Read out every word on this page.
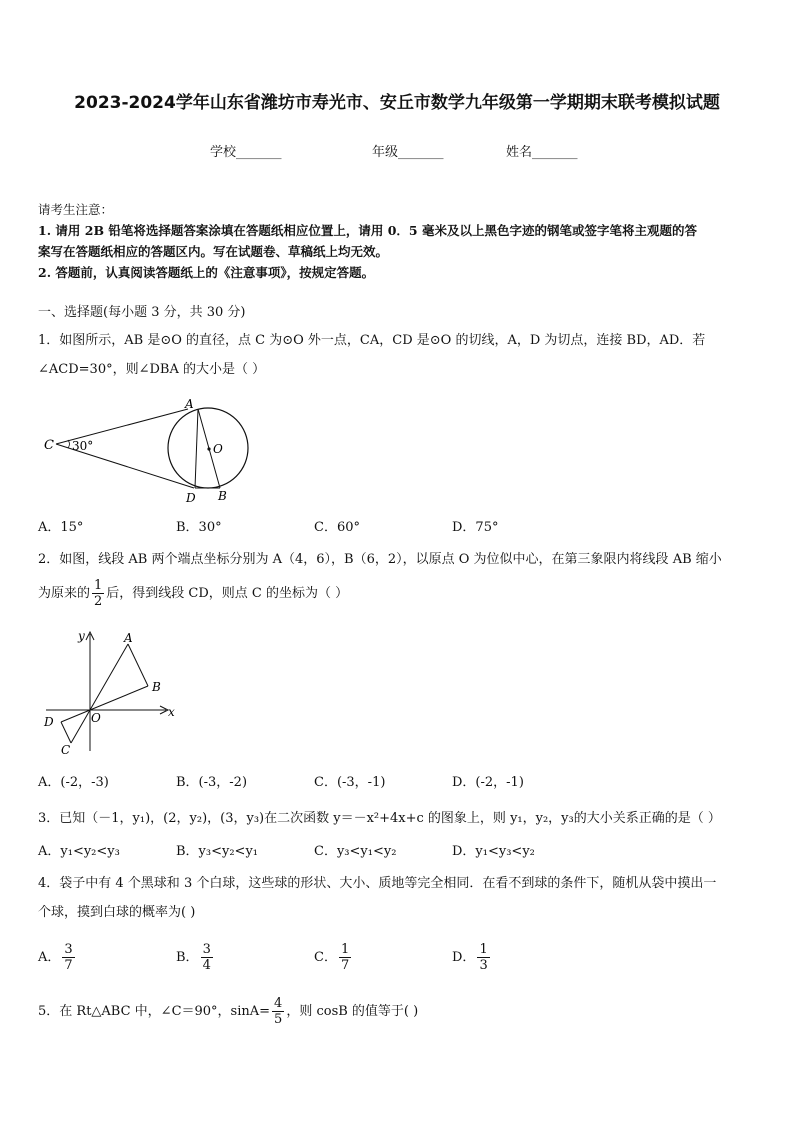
2023-2024学年山东省潍坊市寿光市、安丘市数学九年级第一学期期末联考模拟试题
学校_______	年级_______	姓名_______
请考生注意：
1. 请用 2B 铅笔将选择题答案涂填在答题纸相应位置上，请用 0．5 毫米及以上黑色字迹的钢笔或签字笔将主观题的答
案写在答题纸相应的答题区内。写在试题卷、草稿纸上均无效。
2. 答题前，认真阅读答题纸上的《注意事项》，按规定答题。
一、选择题(每小题 3 分，共 30 分)
1．如图所示，AB 是⊙O 的直径，点 C 为⊙O 外一点，CA，CD 是⊙O 的切线，A，D 为切点，连接 BD，AD．若
∠ACD=30°，则∠DBA 的大小是（ ）
C 30°
A
O
D B
A．15°	B．30°	C．60°	D．75°
2．如图，线段 AB 两个端点坐标分别为 A（4，6），B（6，2），以原点 O 为位似中心，在第三象限内将线段 AB 缩小
为原来的 $\frac{1}{2}$ 后，得到线段 CD，则点 C 的坐标为（ ）
y
x
A
B
O
D
C
A．(-2，-3)	B．(-3，-2)	C．(-3，-1)	D．(-2，-1)
3．已知（－1，y₁)，(2，y₂)，(3，y₃)在二次函数 y＝－x²+4x+c 的图象上，则 y₁，y₂，y₃的大小关系正确的是（ ）
A．y₁<y₂<y₃	B．y₃<y₂<y₁	C．y₃<y₁<y₂	D．y₁<y₃<y₂
4．袋子中有 4 个黑球和 3 个白球，这些球的形状、大小、质地等完全相同．在看不到球的条件下，随机从袋中摸出一
个球，摸到白球的概率为( )
A． $\frac{3}{7}$	B． $\frac{3}{4}$	C． $\frac{1}{7}$	D． $\frac{1}{3}$
5．在 Rt△ABC 中，∠C＝90°，$\sin A= \frac{4}{5}$ ，则 cosB 的值等于( )
